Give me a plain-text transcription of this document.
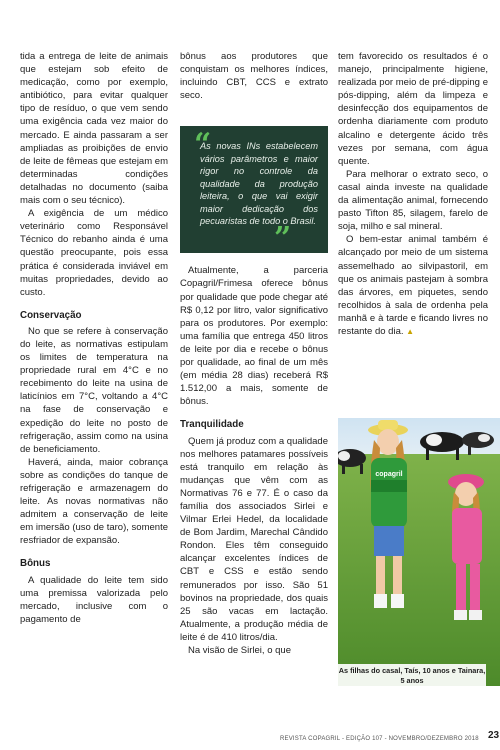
tida a entrega de leite de animais que estejam sob efeito de medicação, como por exemplo, antibiótico, para evitar qualquer tipo de resíduo, o que vem sendo uma exigência cada vez maior do mercado. E ainda passaram a ser ampliadas as proibições de envio de leite de fêmeas que estejam em determinadas condições detalhadas no documento (saiba mais com o seu técnico).

A exigência de um médico veterinário como Responsável Técnico do rebanho ainda é uma questão preocupante, pois essa prática é considerada inviável em muitas propriedades, devido ao custo.

Conservação

No que se refere à conservação do leite, as normativas estipulam os limites de temperatura na propriedade rural em 4°C e no recebimento do leite na usina de laticínios em 7°C, voltando a 4°C na fase de conservação e expedição do leite no posto de refrigeração, assim como na usina de beneficiamento.

Haverá, ainda, maior cobrança sobre as condições do tanque de refrigeração e armazenagem do leite. As novas normativas não admitem a conservação de leite em imersão (uso de taro), somente resfriador de expansão.

Bônus

A qualidade do leite tem sido uma premissa valorizada pelo mercado, inclusive com o pagamento de

bônus aos produtores que conquistam os melhores índices, incluindo CBT, CCS e extrato seco.

Atualmente, a parceria Copagril/Frimesa oferece bônus por qualidade que pode chegar até R$ 0,12 por litro, valor significativo para os produtores. Por exemplo: uma família que entrega 450 litros de leite por dia e recebe o bônus por qualidade, ao final de um mês (em média 28 dias) receberá R$ 1.512,00 a mais, somente de bônus.

Tranquilidade

Quem já produz com a qualidade nos melhores patamares possíveis está tranquilo em relação às mudanças que vêm com as Normativas 76 e 77. É o caso da família dos associados Sirlei e Vilmar Erlei Hedel, da localidade de Bom Jardim, Marechal Cândido Rondon. Eles têm conseguido alcançar excelentes índices de CBT e CSS e estão sendo remunerados por isso. São 51 bovinos na propriedade, dos quais 25 são vacas em lactação. Atualmente, a produção média de leite é de 410 litros/dia.

Na visão de Sirlei, o que

“
As novas INs estabelecem vários parâmetros e maior rigor no controle da qualidade da produção leiteira, o que vai exigir maior dedicação dos pecuaristas de todo o Brasil.
”

tem favorecido os resultados é o manejo, principalmente higiene, realizada por meio de pré-dipping e pós-dipping, além da limpeza e desinfecção dos equipamentos de ordenha diariamente com produto alcalino e detergente ácido três vezes por semana, com água quente.

Para melhorar o extrato seco, o casal ainda investe na qualidade da alimentação animal, fornecendo pasto Tifton 85, silagem, farelo de soja, milho e sal mineral.

O bem-estar animal também é alcançado por meio de um sistema assemelhado ao silvipastoril, em que os animais pastejam à sombra das árvores, em piquetes, sendo recolhidos à sala de ordenha pela manhã e à tarde e ficando livres no restante do dia. ▲

copagril
As filhas do casal, Taís, 10 anos e Tainara, 5 anos
REVISTA COPAGRIL - EDIÇÃO 107 - NOVEMBRO/DEZEMBRO 2018 23
